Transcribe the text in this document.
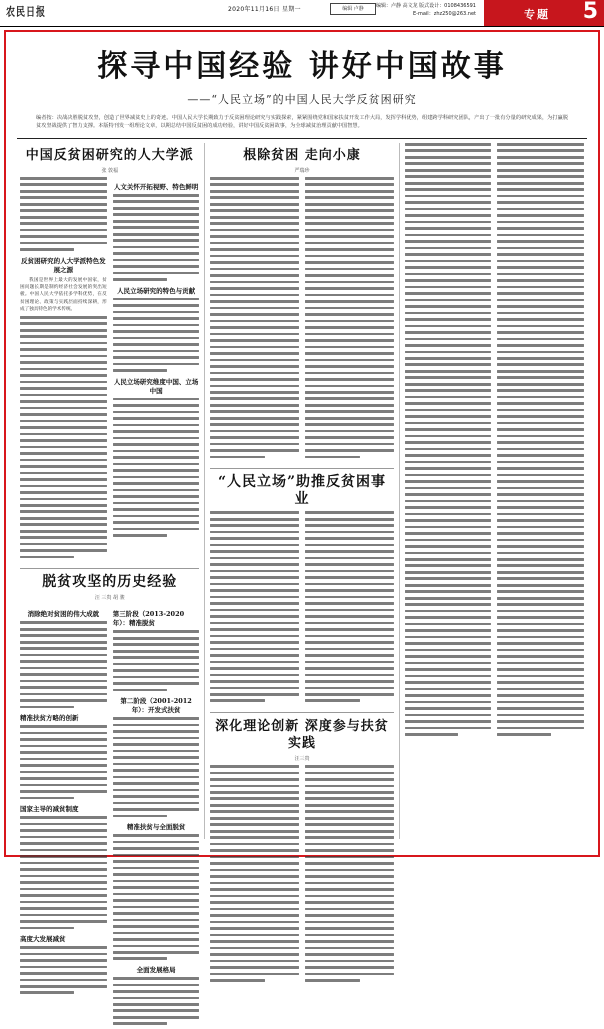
农民日报	2020年11月16日 星期一	编辑 卢静	编辑：卢静 高文龙 版式设计：0108436591
E-mail：zhz250@263.net	专题 5
探寻中国经验 讲好中国故事
——“人民立场”的中国人民大学反贫困研究
编者按：决战决胜脱贫攻坚，创造了世界减贫史上的奇迹。中国人民大学长期致力于反贫困理论研究与实践探索，紧紧围绕党和国家扶贫开发工作大局，发挥学科优势，组建跨学科研究团队，产出了一批有分量的研究成果，为打赢脱贫攻坚战提供了智力支撑。本版特刊发一组理论文章，以期总结中国反贫困的成功经验，讲好中国反贫困故事，为全球减贫治理贡献中国智慧。
中国反贫困研究的人大学派
张 敦福
反贫困研究的人大学派特色发展之源

我国是世界上最大的发展中国家，贫困问题长期是制约经济社会发展的突出短板。中国人民大学依托多学科优势，在反贫困理论、政策与实践层面持续深耕，形成了独具特色的学术传统。

人文关怀开拓视野、特色鲜明
人民立场研究的特色与贡献
人民立场研究维度中国、立场中国
脱贫攻坚的历史经验
汪 三贵 胡 骏
消除绝对贫困的伟大成就
精准扶贫方略的创新
国家主导的减贫制度
高度大发展减贫
第三阶段（2013-2020年）：精准脱贫
第二阶段（2001-2012年）：开发式扶贫
精准扶贫与全面脱贫
全面发展格局
根除贫困 走向小康
严瑞珍
“人民立场”助推反贫困事业
深化理论创新 深度参与扶贫实践
汪三贵
